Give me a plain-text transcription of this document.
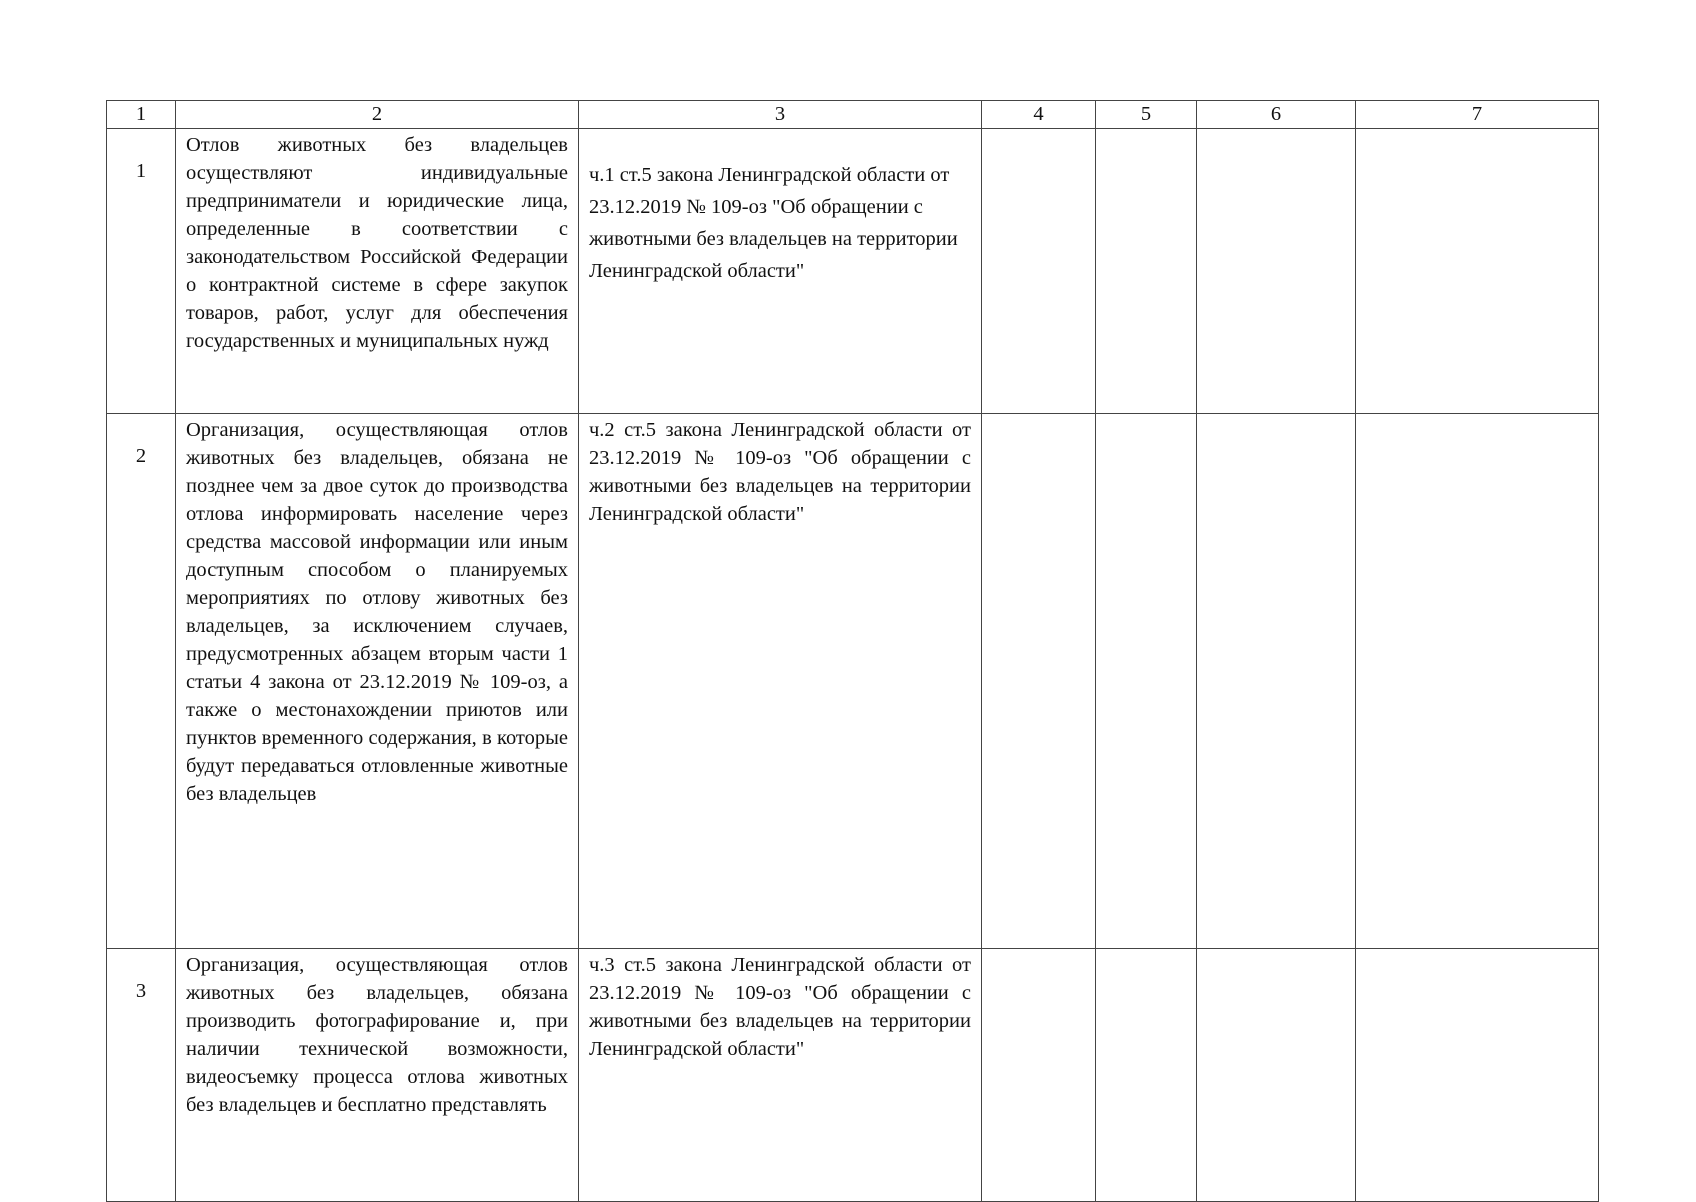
1	2	3	4	5	6	7
1	Отлов животных без владельцев осуществляют индивидуальные предприниматели и юридические лица, определенные в соответствии с законодательством Российской Федерации о контрактной системе в сфере закупок товаров, работ, услуг для обеспечения государственных и муниципальных нужд	ч.1 ст.5 закона Ленинградской области от 23.12.2019 № 109-оз "Об обращении с животными без владельцев на территории Ленинградской области"				
2	Организация, осуществляющая отлов животных без владельцев, обязана не позднее чем за двое суток до производства отлова информировать население через средства массовой информации или иным доступным способом о планируемых мероприятиях по отлову животных без владельцев, за исключением случаев, предусмотренных абзацем вторым части 1 статьи 4 закона от 23.12.2019 № 109-оз, а также о местонахождении приютов или пунктов временного содержания, в которые будут передаваться отловленные животные без владельцев	ч.2 ст.5 закона Ленинградской области от 23.12.2019 № 109-оз "Об обращении с животными без владельцев на территории Ленинградской области"				
3	Организация, осуществляющая отлов животных без владельцев, обязана производить фотографирование и, при наличии технической возможности, видеосъемку процесса отлова животных без владельцев и бесплатно представлять	ч.3 ст.5 закона Ленинградской области от 23.12.2019 № 109-оз "Об обращении с животными без владельцев на территории Ленинградской области"				
